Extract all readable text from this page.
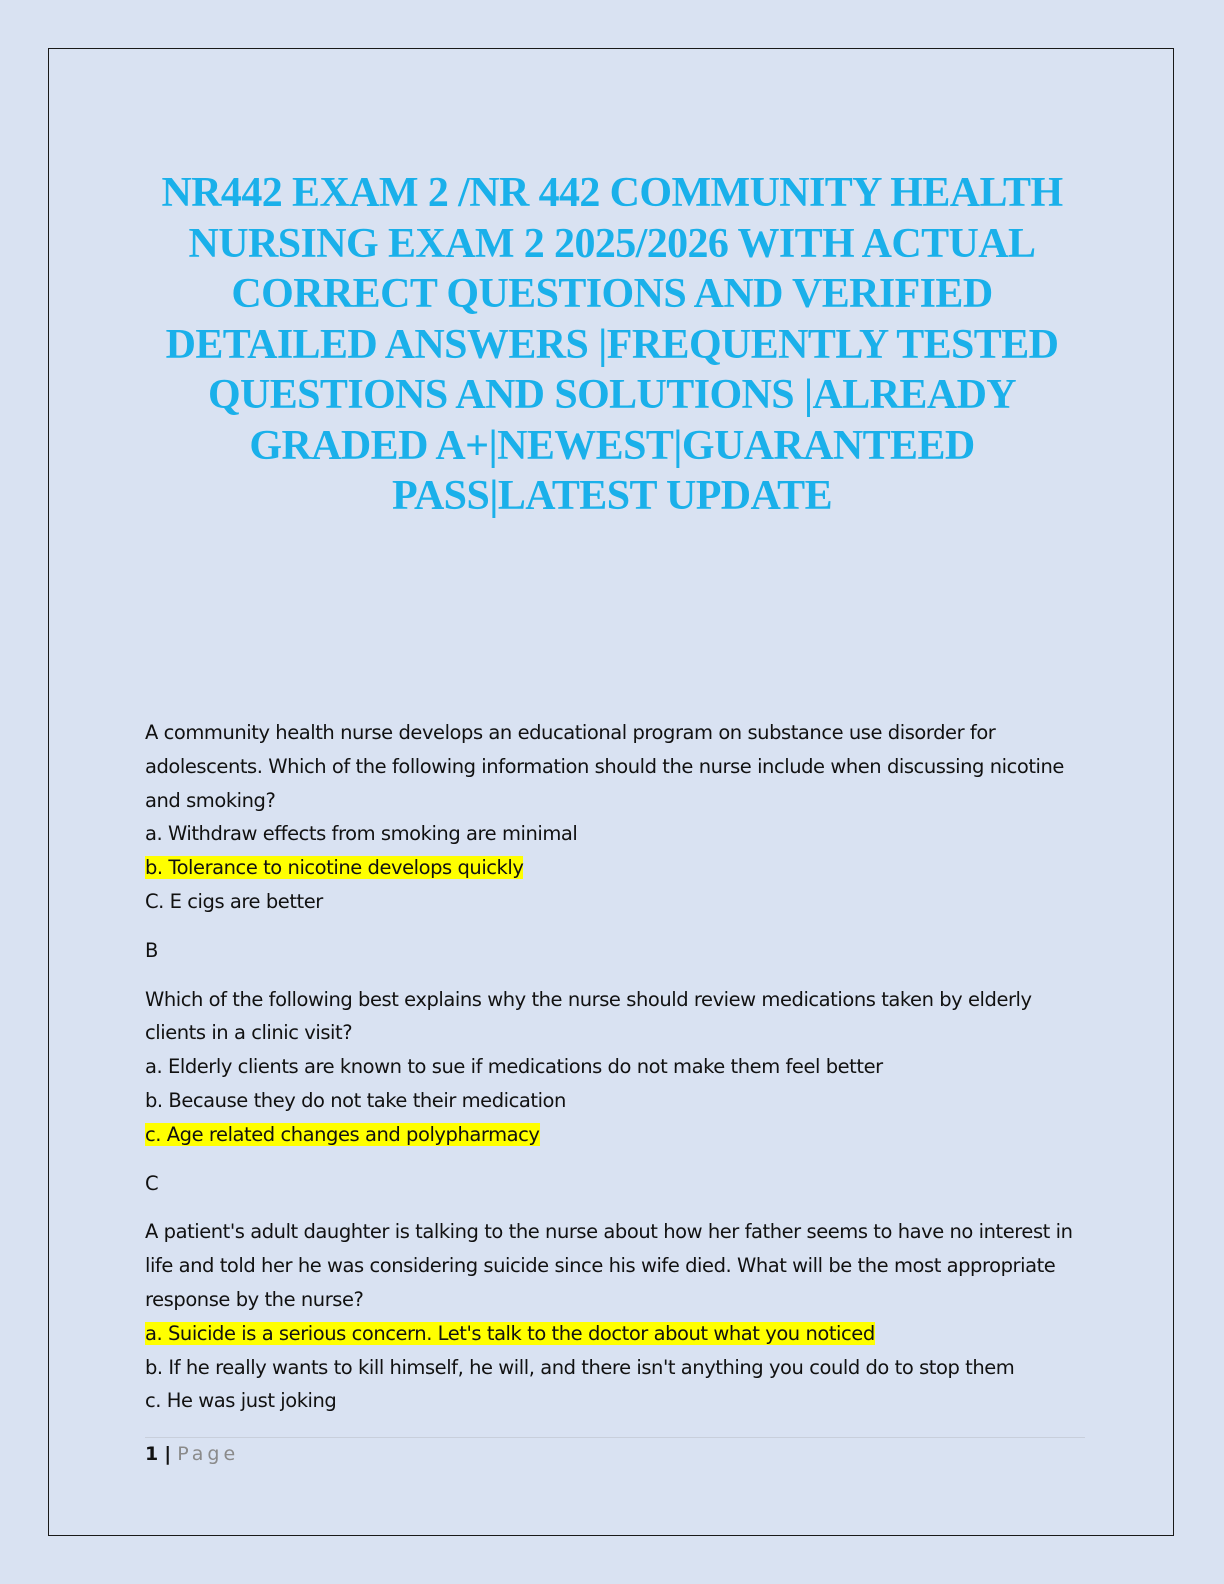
NR442 EXAM 2 /NR 442 COMMUNITY HEALTH NURSING EXAM 2 2025/2026 WITH ACTUAL CORRECT QUESTIONS AND VERIFIED DETAILED ANSWERS |FREQUENTLY TESTED QUESTIONS AND SOLUTIONS |ALREADY GRADED A+|NEWEST|GUARANTEED PASS|LATEST UPDATE
A community health nurse develops an educational program on substance use disorder for adolescents. Which of the following information should the nurse include when discussing nicotine and smoking?
a. Withdraw effects from smoking are minimal
b. Tolerance to nicotine develops quickly
C. E cigs are better
B
Which of the following best explains why the nurse should review medications taken by elderly clients in a clinic visit?
a. Elderly clients are known to sue if medications do not make them feel better
b. Because they do not take their medication
c. Age related changes and polypharmacy
C
A patient's adult daughter is talking to the nurse about how her father seems to have no interest in life and told her he was considering suicide since his wife died. What will be the most appropriate response by the nurse?
a. Suicide is a serious concern. Let's talk to the doctor about what you noticed
b. If he really wants to kill himself, he will, and there isn't anything you could do to stop them
c. He was just joking
1 | Page
